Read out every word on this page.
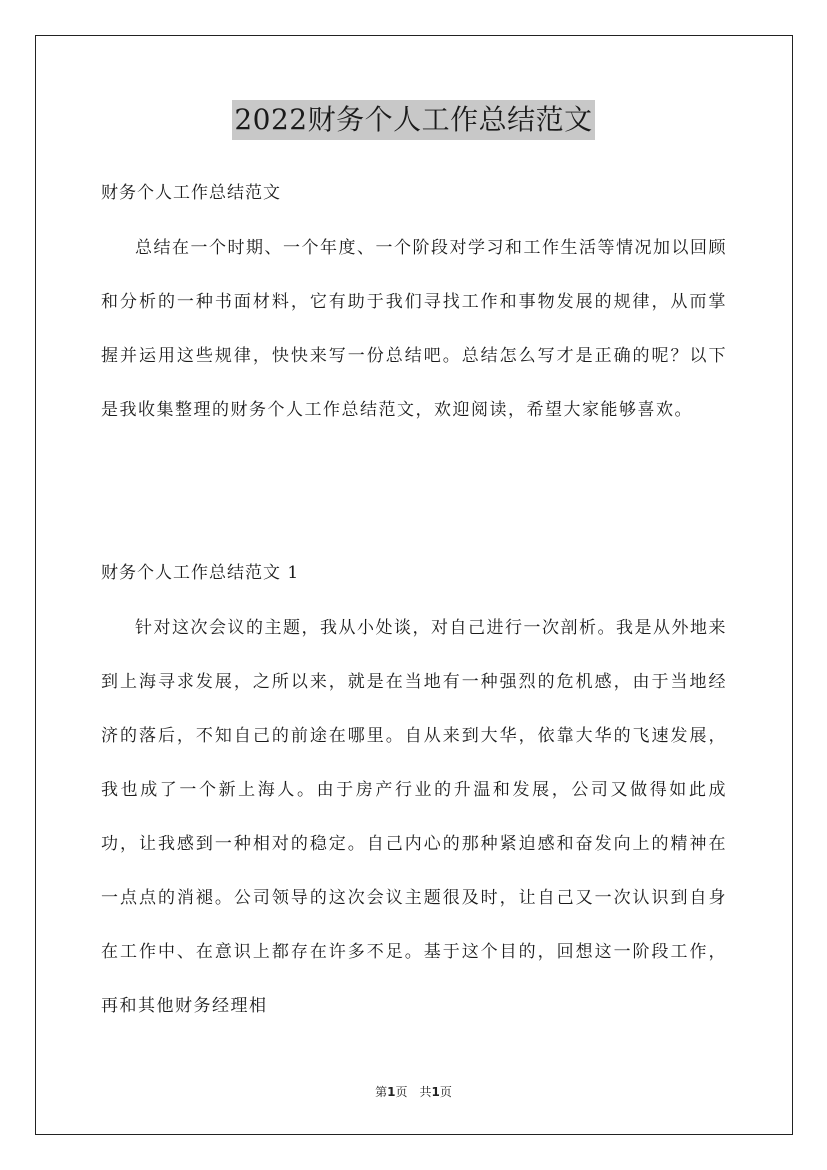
2022财务个人工作总结范文
财务个人工作总结范文

总结在一个时期、一个年度、一个阶段对学习和工作生活等情况加以回顾和分析的一种书面材料，它有助于我们寻找工作和事物发展的规律，从而掌握并运用这些规律，快快来写一份总结吧。总结怎么写才是正确的呢？以下是我收集整理的财务个人工作总结范文，欢迎阅读，希望大家能够喜欢。

财务个人工作总结范文 1

针对这次会议的主题，我从小处谈，对自己进行一次剖析。我是从外地来到上海寻求发展，之所以来，就是在当地有一种强烈的危机感，由于当地经济的落后，不知自己的前途在哪里。自从来到大华，依靠大华的飞速发展，我也成了一个新上海人。由于房产行业的升温和发展，公司又做得如此成功，让我感到一种相对的稳定。自己内心的那种紧迫感和奋发向上的精神在一点点的消褪。公司领导的这次会议主题很及时，让自己又一次认识到自身在工作中、在意识上都存在许多不足。基于这个目的，回想这一阶段工作，再和其他财务经理相

第1页 共1页
